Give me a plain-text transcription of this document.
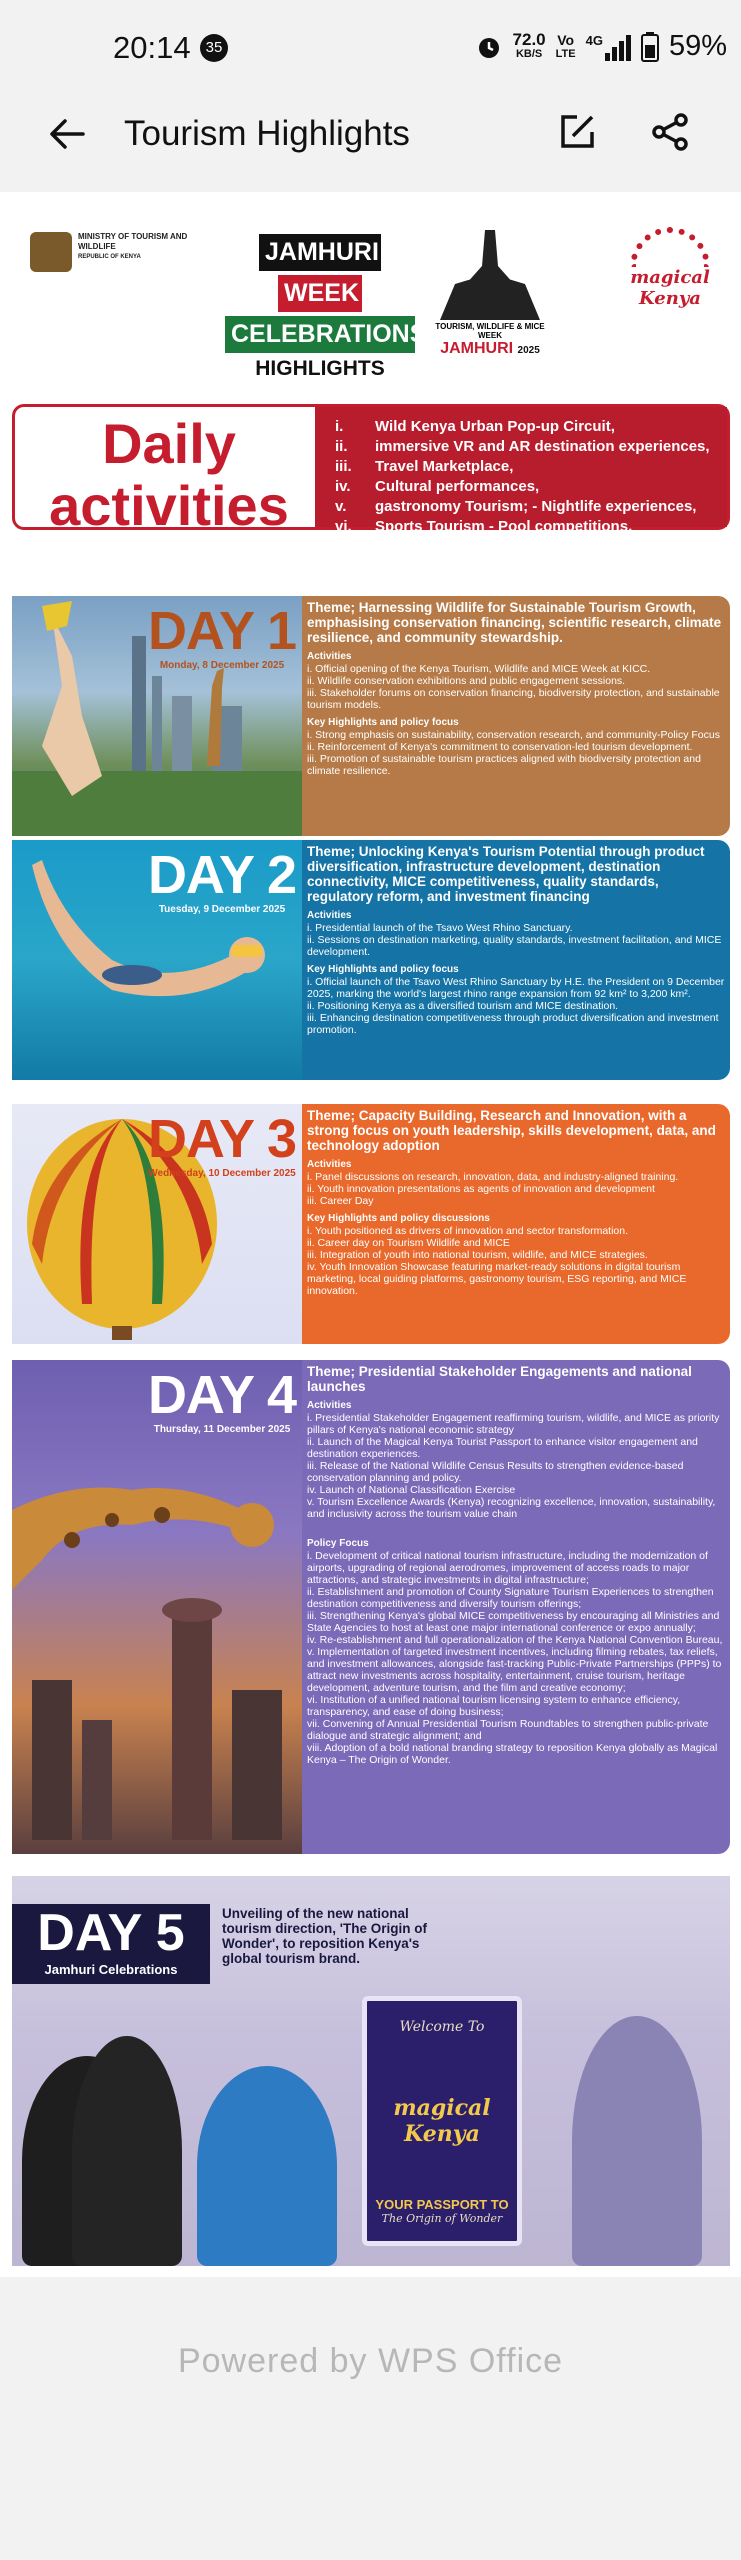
20:14	35	72.0
KB/S
Vo
LTE
4G 59%
Tourism Highlights
MINISTRY OF TOURISM AND WILDLIFE
REPUBLIC OF KENYA	JAMHURI
WEEK
CELEBRATIONS
HIGHLIGHTS
TOURISM, WILDLIFE & MICE WEEK
JAMHURI 2025
magical Kenya
Daily
activities
i.	Wild Kenya Urban Pop-up Circuit,
ii.	immersive VR and AR destination experiences,
iii.	Travel Marketplace,
iv.	Cultural performances,
v.	gastronomy Tourism; - Nightlife experiences,
vi.	Sports Tourism - Pool competitions,
vii.	Talanta Mtaani Competitions
DAY 1
Monday, 8 December 2025
Theme; Harnessing Wildlife for Sustainable Tourism Growth, emphasising conservation financing, scientific research, climate resilience, and community stewardship.
Activities
i. Official opening of the Kenya Tourism, Wildlife and MICE Week at KICC.
ii. Wildlife conservation exhibitions and public engagement sessions.
iii. Stakeholder forums on conservation financing, biodiversity protection, and sustainable tourism models.
Key Highlights and policy focus
i. Strong emphasis on sustainability, conservation research, and community-Policy Focus
ii. Reinforcement of Kenya's commitment to conservation-led tourism development.
iii. Promotion of sustainable tourism practices aligned with biodiversity protection and climate resilience.
DAY 2
Tuesday, 9 December 2025
Theme; Unlocking Kenya's Tourism Potential through product diversification, infrastructure development, destination connectivity, MICE competitiveness, quality standards, regulatory reform, and investment financing
Activities
i. Presidential launch of the Tsavo West Rhino Sanctuary.
ii. Sessions on destination marketing, quality standards, investment facilitation, and MICE development.
Key Highlights and policy focus
i. Official launch of the Tsavo West Rhino Sanctuary by H.E. the President on 9 December 2025, marking the world's largest rhino range expansion from 92 km² to 3,200 km².
ii. Positioning Kenya as a diversified tourism and MICE destination.
iii. Enhancing destination competitiveness through product diversification and investment promotion.
DAY 3
Wednesday, 10 December 2025
Theme; Capacity Building, Research and Innovation, with a strong focus on youth leadership, skills development, data, and technology adoption
Activities
i. Panel discussions on research, innovation, data, and industry-aligned training.
ii. Youth innovation presentations as agents of innovation and development
iii. Career Day
Key Highlights and policy discussions
i. Youth positioned as drivers of innovation and sector transformation.
ii. Career day on Tourism Wildlife and MICE
iii. Integration of youth into national tourism, wildlife, and MICE strategies.
iv. Youth Innovation Showcase featuring market-ready solutions in digital tourism marketing, local guiding platforms, gastronomy tourism, ESG reporting, and MICE innovation.
DAY 4
Thursday, 11 December 2025
Theme; Presidential Stakeholder Engagements and national launches
Activities
i. Presidential Stakeholder Engagement reaffirming tourism, wildlife, and MICE as priority pillars of Kenya's national economic strategy
ii. Launch of the Magical Kenya Tourist Passport to enhance visitor engagement and destination experiences.
iii. Release of the National Wildlife Census Results to strengthen evidence-based conservation planning and policy.
iv. Launch of National Classification Exercise
v. Tourism Excellence Awards (Kenya) recognizing excellence, innovation, sustainability, and inclusivity across the tourism value chain
Policy Focus
i. Development of critical national tourism infrastructure, including the modernization of airports, upgrading of regional aerodromes, improvement of access roads to major attractions, and strategic investments in digital infrastructure;
ii. Establishment and promotion of County Signature Tourism Experiences to strengthen destination competitiveness and diversify tourism offerings;
iii. Strengthening Kenya's global MICE competitiveness by encouraging all Ministries and State Agencies to host at least one major international conference or expo annually;
iv. Re-establishment and full operationalization of the Kenya National Convention Bureau,
v. Implementation of targeted investment incentives, including filming rebates, tax reliefs, and investment allowances, alongside fast-tracking Public-Private Partnerships (PPPs) to attract new investments across hospitality, entertainment, cruise tourism, heritage development, adventure tourism, and the film and creative economy;
vi. Institution of a unified national tourism licensing system to enhance efficiency, transparency, and ease of doing business;
vii. Convening of Annual Presidential Tourism Roundtables to strengthen public-private dialogue and strategic alignment; and
viii. Adoption of a bold national branding strategy to reposition Kenya globally as Magical Kenya – The Origin of Wonder.
DAY 5
Jamhuri Celebrations
Unveiling of the new national tourism direction, 'The Origin of Wonder', to reposition Kenya's global tourism brand.
Welcome To
magical Kenya
YOUR PASSPORT TO
The Origin of Wonder
Powered by WPS Office
